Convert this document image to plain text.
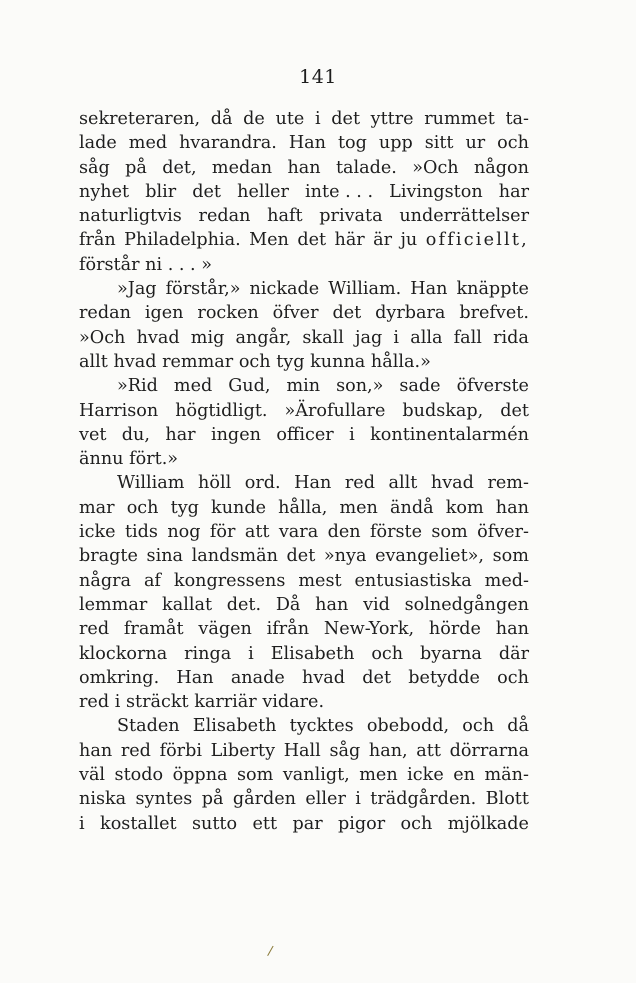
141
sekreteraren, då de ute i det yttre rummet ta-
lade med hvarandra. Han tog upp sitt ur och
såg på det, medan han talade. »Och någon
nyhet blir det heller inte . . . Livingston har
naturligtvis redan haft privata underrättelser
från Philadelphia. Men det här är ju officiellt,
förstår ni . . . »
»Jag förstår,» nickade William. Han knäppte
redan igen rocken öfver det dyrbara brefvet.
»Och hvad mig angår, skall jag i alla fall rida
allt hvad remmar och tyg kunna hålla.»
»Rid med Gud, min son,» sade öfverste
Harrison högtidligt. »Ärofullare budskap, det
vet du, har ingen officer i kontinentalarmén
ännu fört.»
William höll ord. Han red allt hvad rem-
mar och tyg kunde hålla, men ändå kom han
icke tids nog för att vara den förste som öfver-
bragte sina landsmän det »nya evangeliet», som
några af kongressens mest entusiastiska med-
lemmar kallat det. Då han vid solnedgången
red framåt vägen ifrån New-York, hörde han
klockorna ringa i Elisabeth och byarna där
omkring. Han anade hvad det betydde och
red i sträckt karriär vidare.
Staden Elisabeth tycktes obebodd, och då
han red förbi Liberty Hall såg han, att dörrarna
väl stodo öppna som vanligt, men icke en män-
niska syntes på gården eller i trädgården. Blott
i kostallet sutto ett par pigor och mjölkade
/
